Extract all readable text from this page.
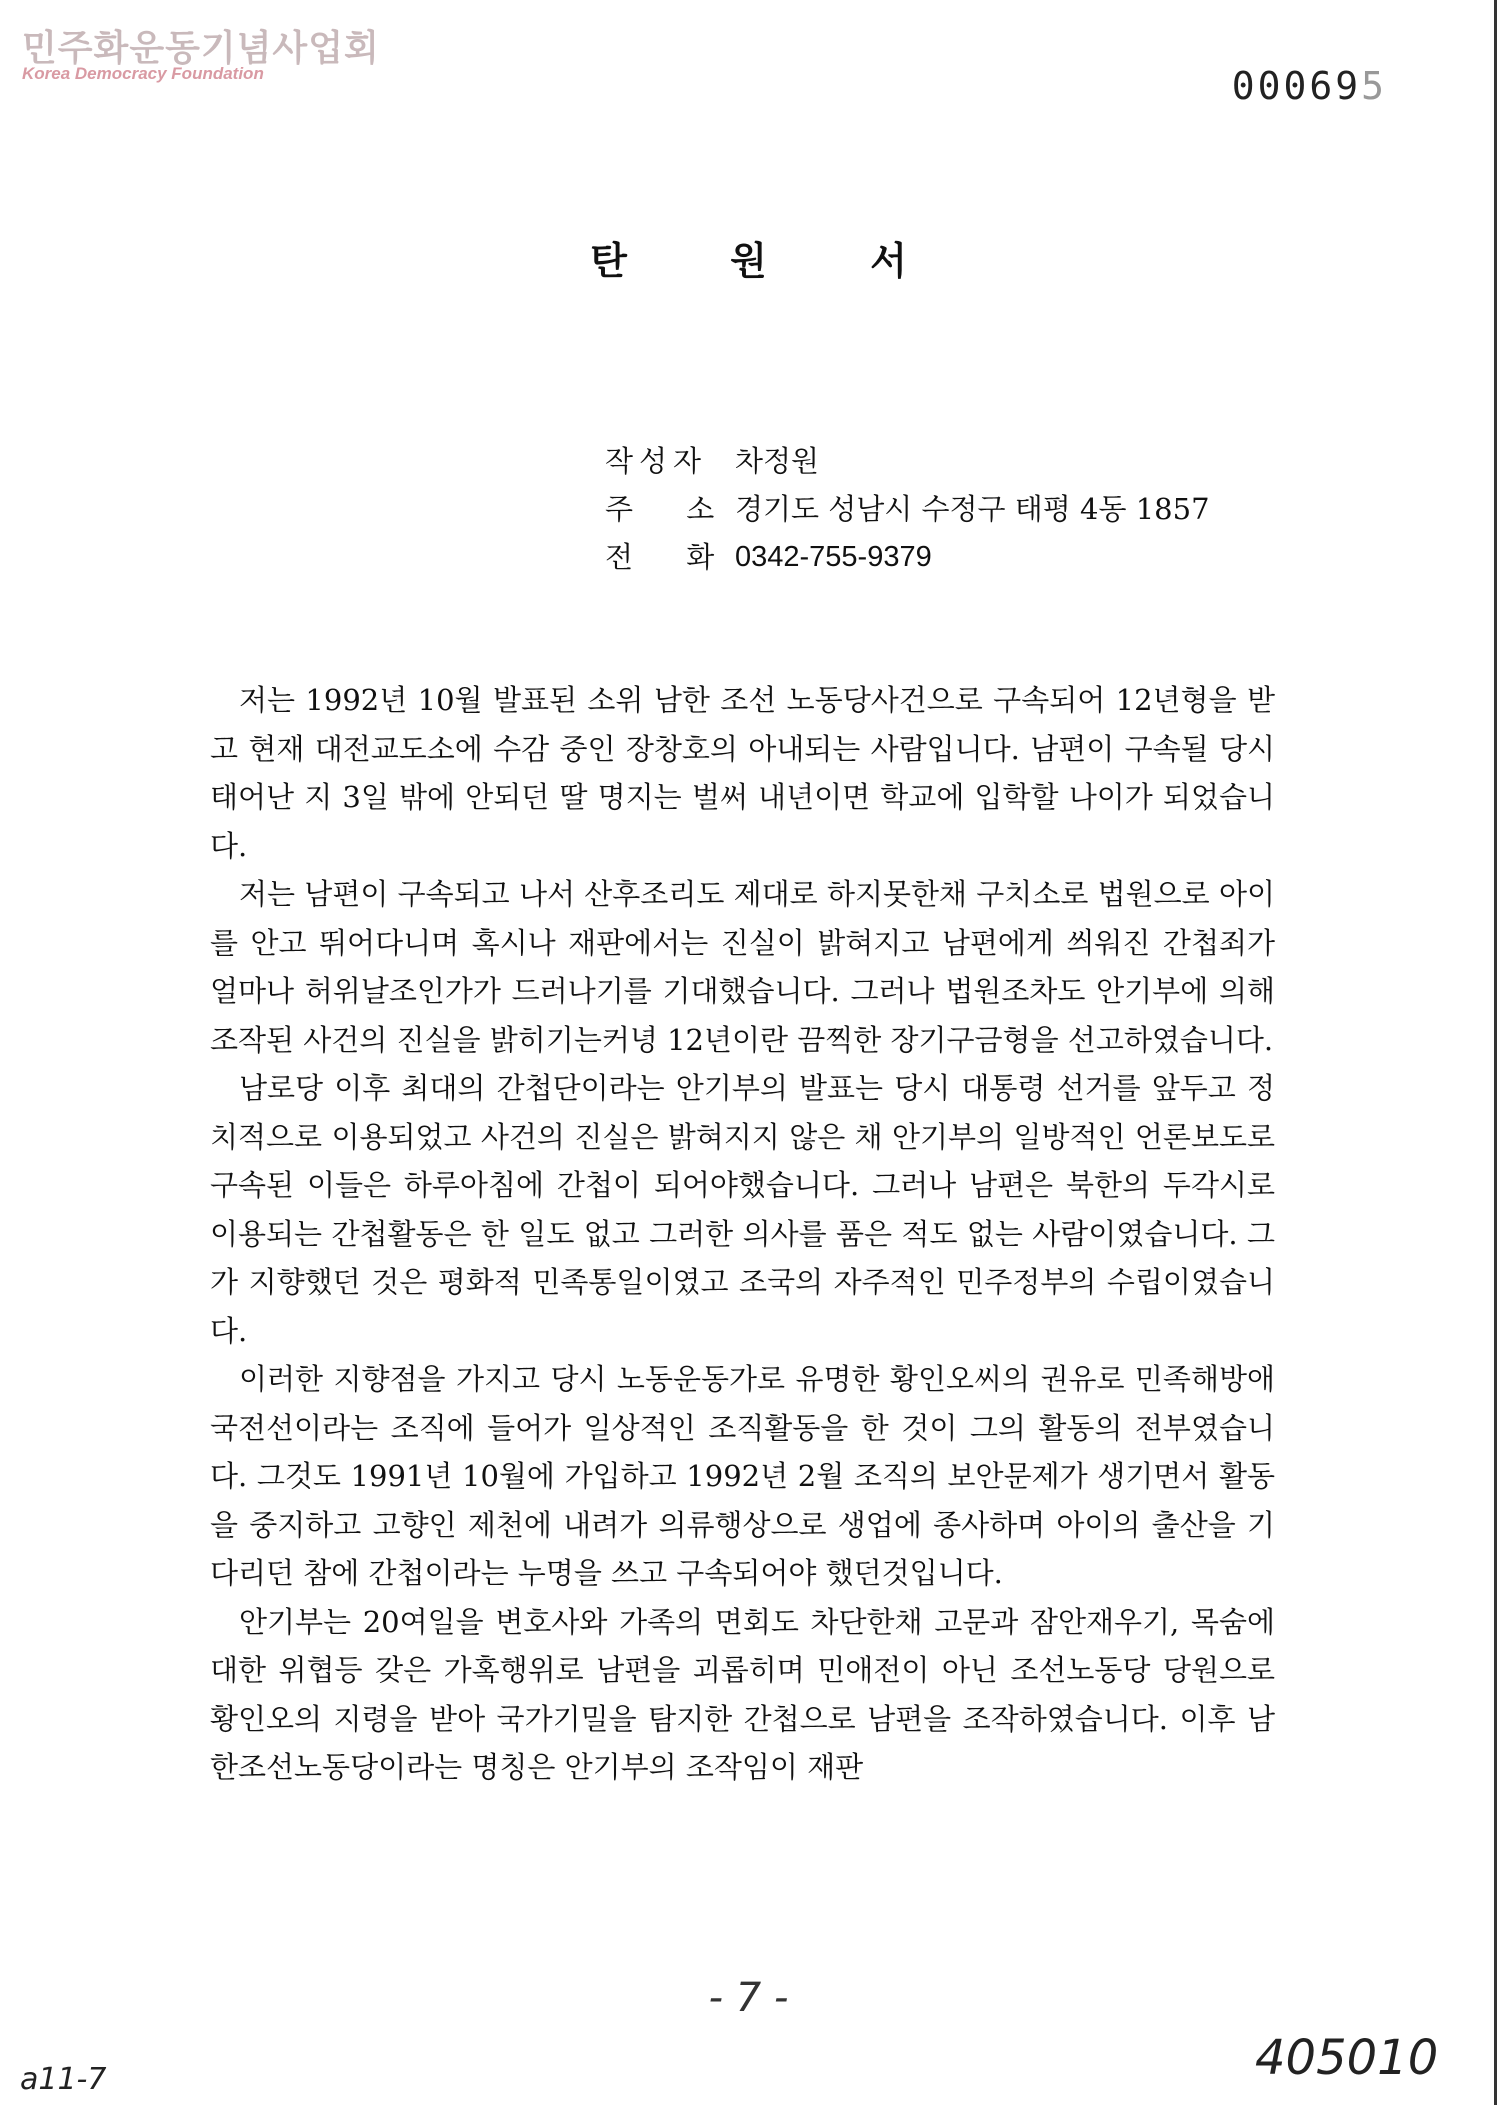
민주화운동기념사업회
Korea Democracy Foundation	000695
탄 원 서
작성자 차정원
주 소
경기도 성남시 수정구 태평 4동 1857
전 화
0342-755-9379

저는 1992년 10월 발표된 소위 남한 조선 노동당사건으로 구속되어 12년형을 받고 현재 대전교도소에 수감 중인 장창호의 아내되는 사람입니다. 남편이 구속될 당시 태어난 지 3일 밖에 안되던 딸 명지는 벌써 내년이면 학교에 입학할 나이가 되었습니다.

저는 남편이 구속되고 나서 산후조리도 제대로 하지못한채 구치소로 법원으로 아이를 안고 뛰어다니며 혹시나 재판에서는 진실이 밝혀지고 남편에게 씌워진 간첩죄가 얼마나 허위날조인가가 드러나기를 기대했습니다. 그러나 법원조차도 안기부에 의해 조작된 사건의 진실을 밝히기는커녕 12년이란 끔찍한 장기구금형을 선고하였습니다.

남로당 이후 최대의 간첩단이라는 안기부의 발표는 당시 대통령 선거를 앞두고 정치적으로 이용되었고 사건의 진실은 밝혀지지 않은 채 안기부의 일방적인 언론보도로 구속된 이들은 하루아침에 간첩이 되어야했습니다. 그러나 남편은 북한의 두각시로 이용되는 간첩활동은 한 일도 없고 그러한 의사를 품은 적도 없는 사람이였습니다. 그가 지향했던 것은 평화적 민족통일이였고 조국의 자주적인 민주정부의 수립이였습니다.

이러한 지향점을 가지고 당시 노동운동가로 유명한 황인오씨의 권유로 민족해방애국전선이라는 조직에 들어가 일상적인 조직활동을 한 것이 그의 활동의 전부였습니다. 그것도 1991년 10월에 가입하고 1992년 2월 조직의 보안문제가 생기면서 활동을 중지하고 고향인 제천에 내려가 의류행상으로 생업에 종사하며 아이의 출산을 기다리던 참에 간첩이라는 누명을 쓰고 구속되어야 했던것입니다.

안기부는 20여일을 변호사와 가족의 면회도 차단한채 고문과 잠안재우기, 목숨에 대한 위협등 갖은 가혹행위로 남편을 괴롭히며 민애전이 아닌 조선노동당 당원으로 황인오의 지령을 받아 국가기밀을 탐지한 간첩으로 남편을 조작하였습니다. 이후 남한조선노동당이라는 명칭은 안기부의 조작임이 재판

- 7 -
a11-7	405010
